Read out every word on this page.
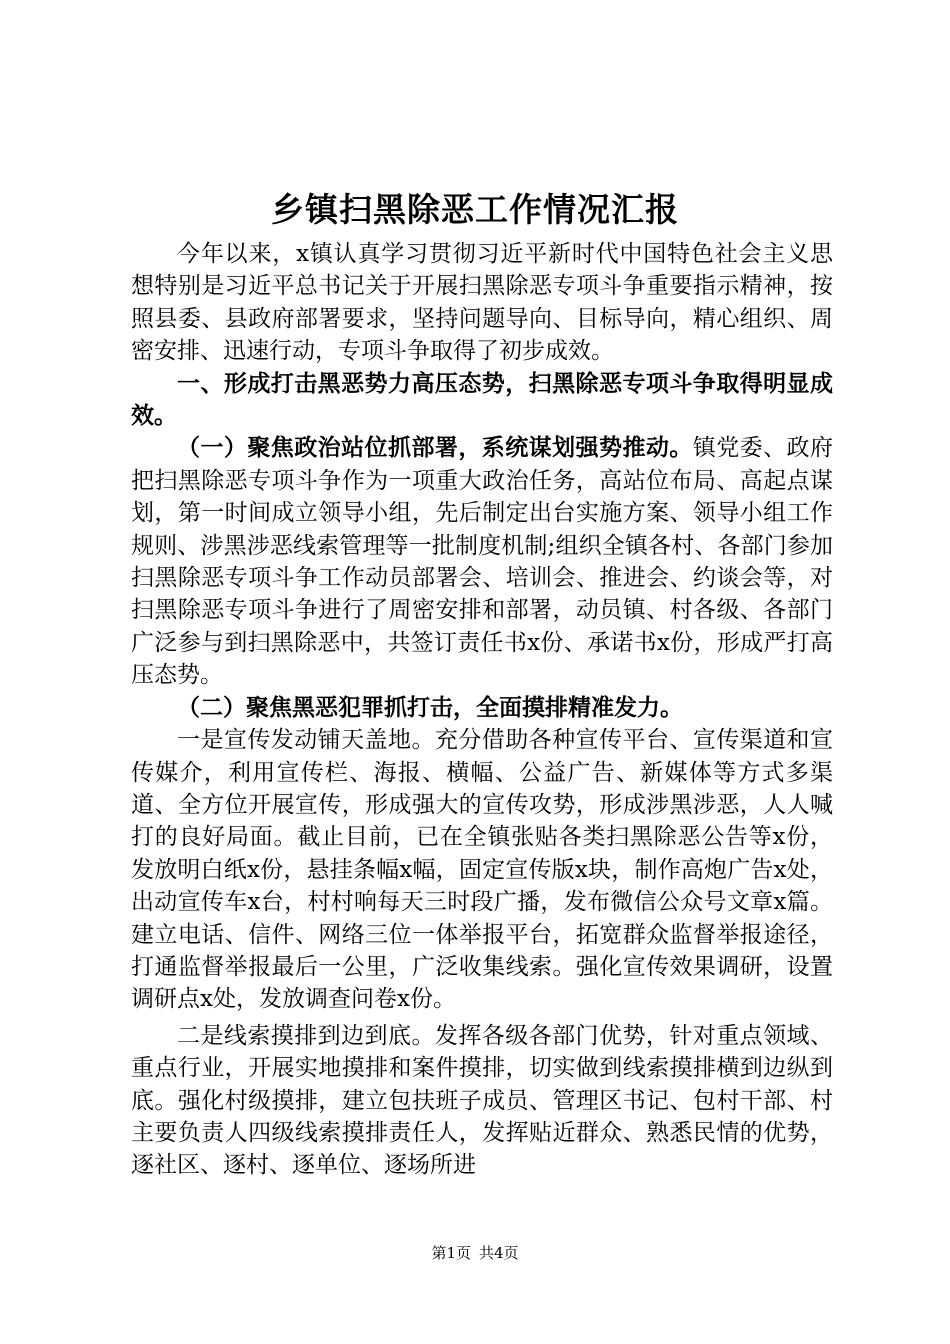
乡镇扫黑除恶工作情况汇报

今年以来，x镇认真学习贯彻习近平新时代中国特色社会主义思想特别是习近平总书记关于开展扫黑除恶专项斗争重要指示精神，按照县委、县政府部署要求，坚持问题导向、目标导向，精心组织、周密安排、迅速行动，专项斗争取得了初步成效。

一、形成打击黑恶势力高压态势，扫黑除恶专项斗争取得明显成效。

（一）聚焦政治站位抓部署，系统谋划强势推动。镇党委、政府把扫黑除恶专项斗争作为一项重大政治任务，高站位布局、高起点谋划，第一时间成立领导小组，先后制定出台实施方案、领导小组工作规则、涉黑涉恶线索管理等一批制度机制;组织全镇各村、各部门参加扫黑除恶专项斗争工作动员部署会、培训会、推进会、约谈会等，对扫黑除恶专项斗争进行了周密安排和部署，动员镇、村各级、各部门广泛参与到扫黑除恶中，共签订责任书x份、承诺书x份，形成严打高压态势。

（二）聚焦黑恶犯罪抓打击，全面摸排精准发力。

一是宣传发动铺天盖地。充分借助各种宣传平台、宣传渠道和宣传媒介，利用宣传栏、海报、横幅、公益广告、新媒体等方式多渠道、全方位开展宣传，形成强大的宣传攻势，形成涉黑涉恶，人人喊打的良好局面。截止目前，已在全镇张贴各类扫黑除恶公告等x份，发放明白纸x份，悬挂条幅x幅，固定宣传版x块，制作高炮广告x处，出动宣传车x台，村村响每天三时段广播，发布微信公众号文章x篇。建立电话、信件、网络三位一体举报平台，拓宽群众监督举报途径，打通监督举报最后一公里，广泛收集线索。强化宣传效果调研，设置调研点x处，发放调查问卷x份。

二是线索摸排到边到底。发挥各级各部门优势，针对重点领域、重点行业，开展实地摸排和案件摸排，切实做到线索摸排横到边纵到底。强化村级摸排，建立包扶班子成员、管理区书记、包村干部、村主要负责人四级线索摸排责任人，发挥贴近群众、熟悉民情的优势，逐社区、逐村、逐单位、逐场所进

第1页 共4页
